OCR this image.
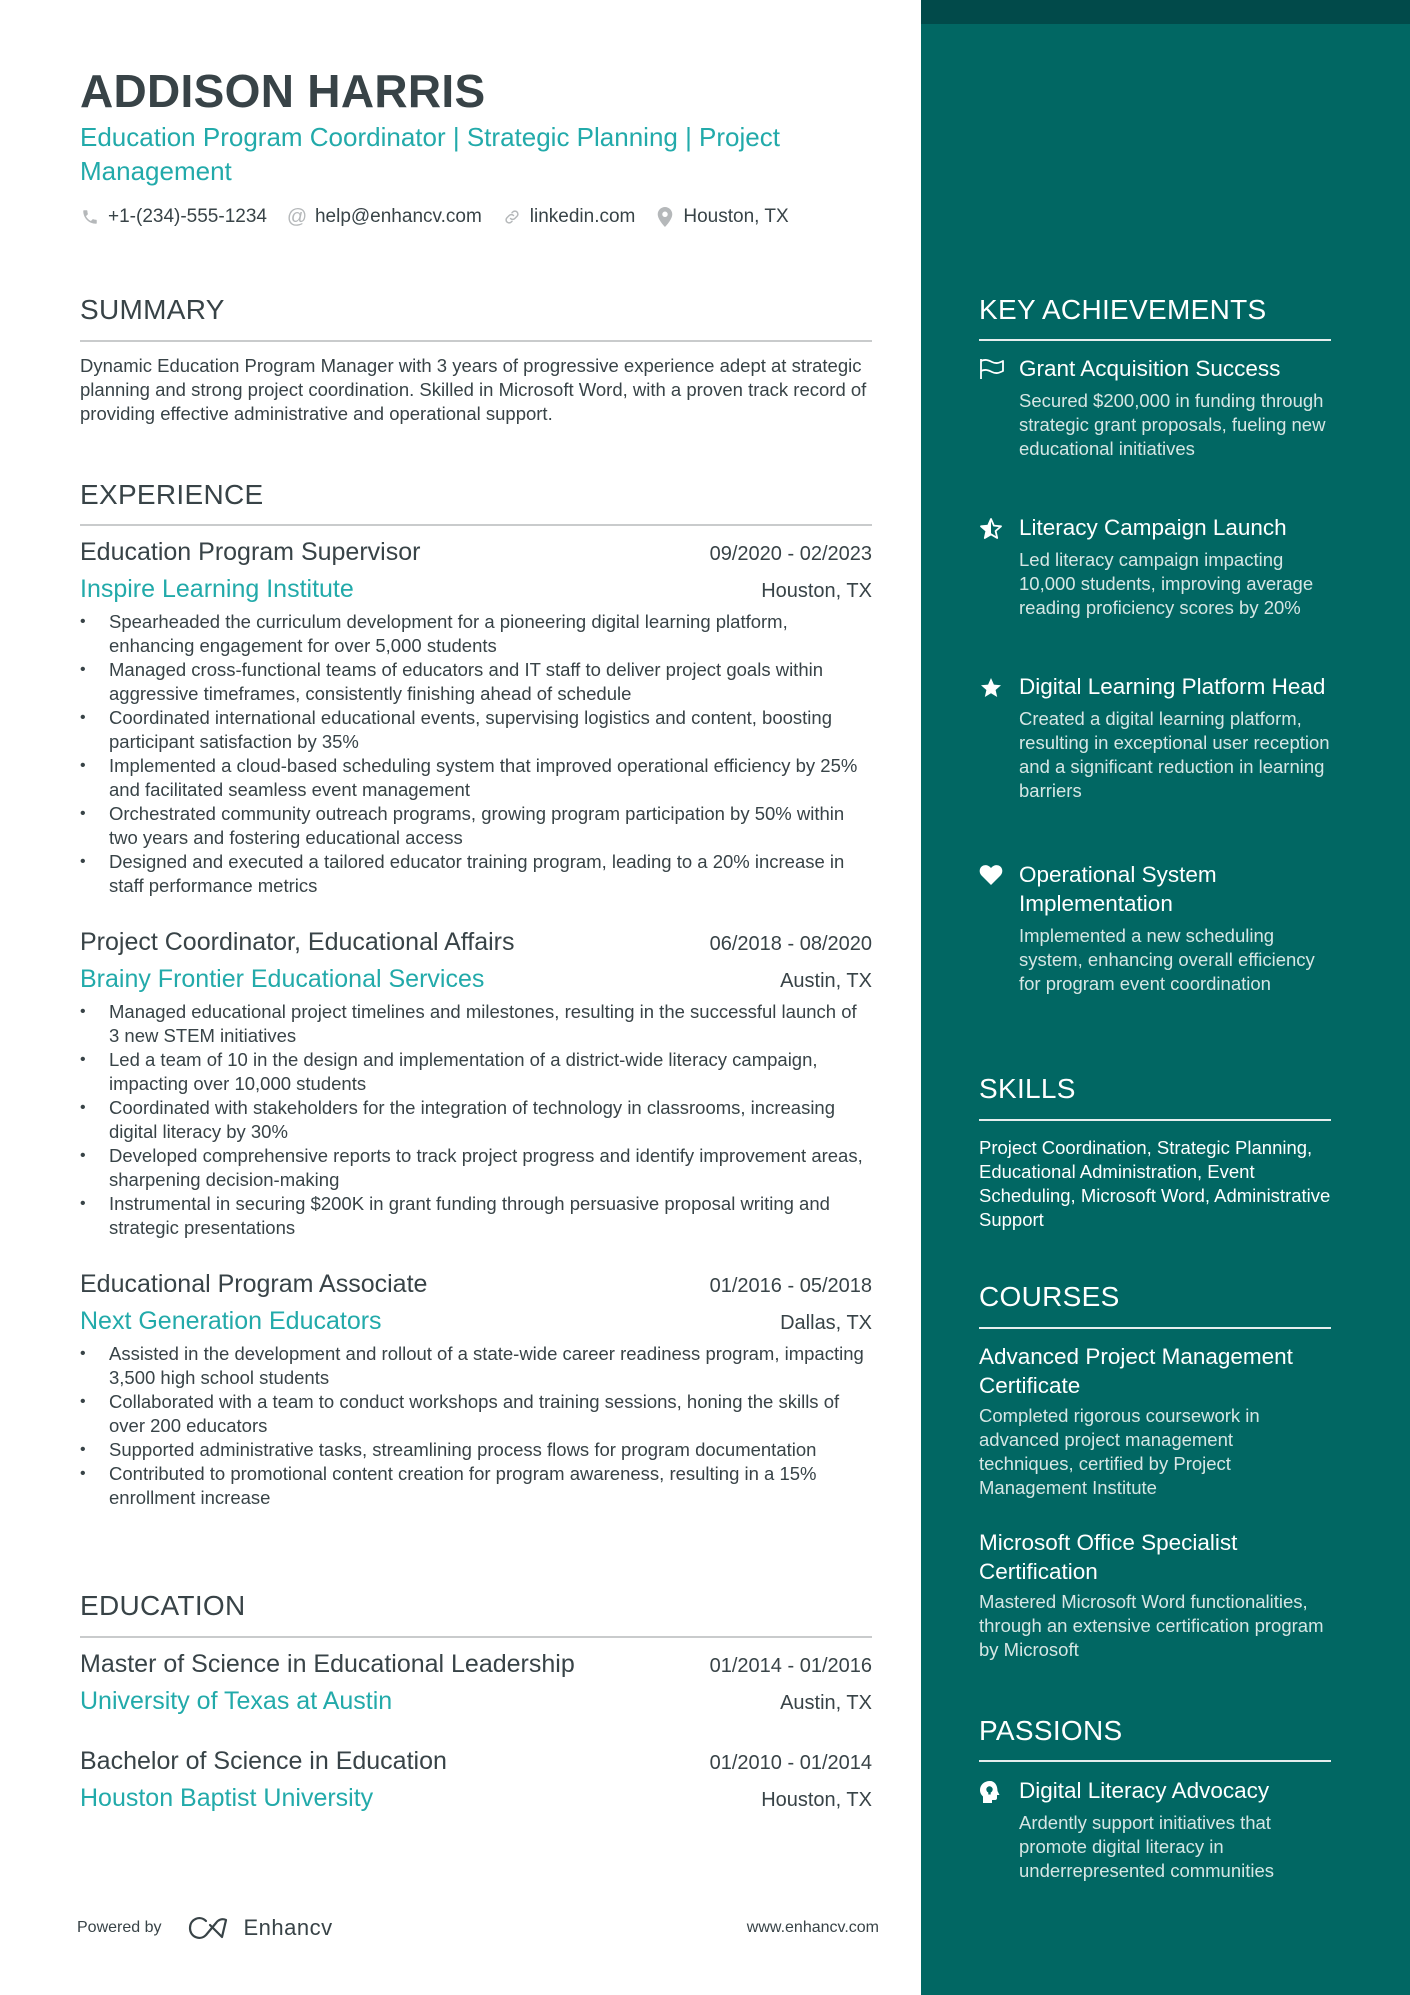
ADDISON HARRIS
Education Program Coordinator | Strategic Planning | Project Management
+1-(234)-555-1234 @ help@enhancv.com	linkedin.com	Houston, TX
SUMMARY
Dynamic Education Program Manager with 3 years of progressive experience adept at strategic planning and strong project coordination. Skilled in Microsoft Word, with a proven track record of providing effective administrative and operational support.
EXPERIENCE
Education Program Supervisor	09/2020 - 02/2023
Inspire Learning Institute	Houston, TX
• Spearheaded the curriculum development for a pioneering digital learning platform, enhancing engagement for over 5,000 students
• Managed cross-functional teams of educators and IT staff to deliver project goals within aggressive timeframes, consistently finishing ahead of schedule
• Coordinated international educational events, supervising logistics and content, boosting participant satisfaction by 35%
• Implemented a cloud-based scheduling system that improved operational efficiency by 25% and facilitated seamless event management
• Orchestrated community outreach programs, growing program participation by 50% within two years and fostering educational access
• Designed and executed a tailored educator training program, leading to a 20% increase in staff performance metrics
Project Coordinator, Educational Affairs	06/2018 - 08/2020
Brainy Frontier Educational Services	Austin, TX
• Managed educational project timelines and milestones, resulting in the successful launch of 3 new STEM initiatives
• Led a team of 10 in the design and implementation of a district-wide literacy campaign, impacting over 10,000 students
• Coordinated with stakeholders for the integration of technology in classrooms, increasing digital literacy by 30%
• Developed comprehensive reports to track project progress and identify improvement areas, sharpening decision-making
• Instrumental in securing $200K in grant funding through persuasive proposal writing and strategic presentations
Educational Program Associate	01/2016 - 05/2018
Next Generation Educators	Dallas, TX
• Assisted in the development and rollout of a state-wide career readiness program, impacting 3,500 high school students
• Collaborated with a team to conduct workshops and training sessions, honing the skills of over 200 educators
• Supported administrative tasks, streamlining process flows for program documentation
• Contributed to promotional content creation for program awareness, resulting in a 15% enrollment increase
EDUCATION
Master of Science in Educational Leadership	01/2014 - 01/2016
University of Texas at Austin	Austin, TX
Bachelor of Science in Education	01/2010 - 01/2014
Houston Baptist University	Houston, TX
Powered by	Enhancv	www.enhancv.com
KEY ACHIEVEMENTS
Grant Acquisition Success
Secured $200,000 in funding through strategic grant proposals, fueling new educational initiatives
Literacy Campaign Launch
Led literacy campaign impacting 10,000 students, improving average reading proficiency scores by 20%
Digital Learning Platform Head
Created a digital learning platform, resulting in exceptional user reception and a significant reduction in learning barriers
Operational System Implementation
Implemented a new scheduling system, enhancing overall efficiency for program event coordination
SKILLS
Project Coordination, Strategic Planning, Educational Administration, Event Scheduling, Microsoft Word, Administrative Support
COURSES
Advanced Project Management Certificate
Completed rigorous coursework in advanced project management techniques, certified by Project Management Institute
Microsoft Office Specialist Certification
Mastered Microsoft Word functionalities, through an extensive certification program by Microsoft
PASSIONS
Digital Literacy Advocacy
Ardently support initiatives that promote digital literacy in underrepresented communities
